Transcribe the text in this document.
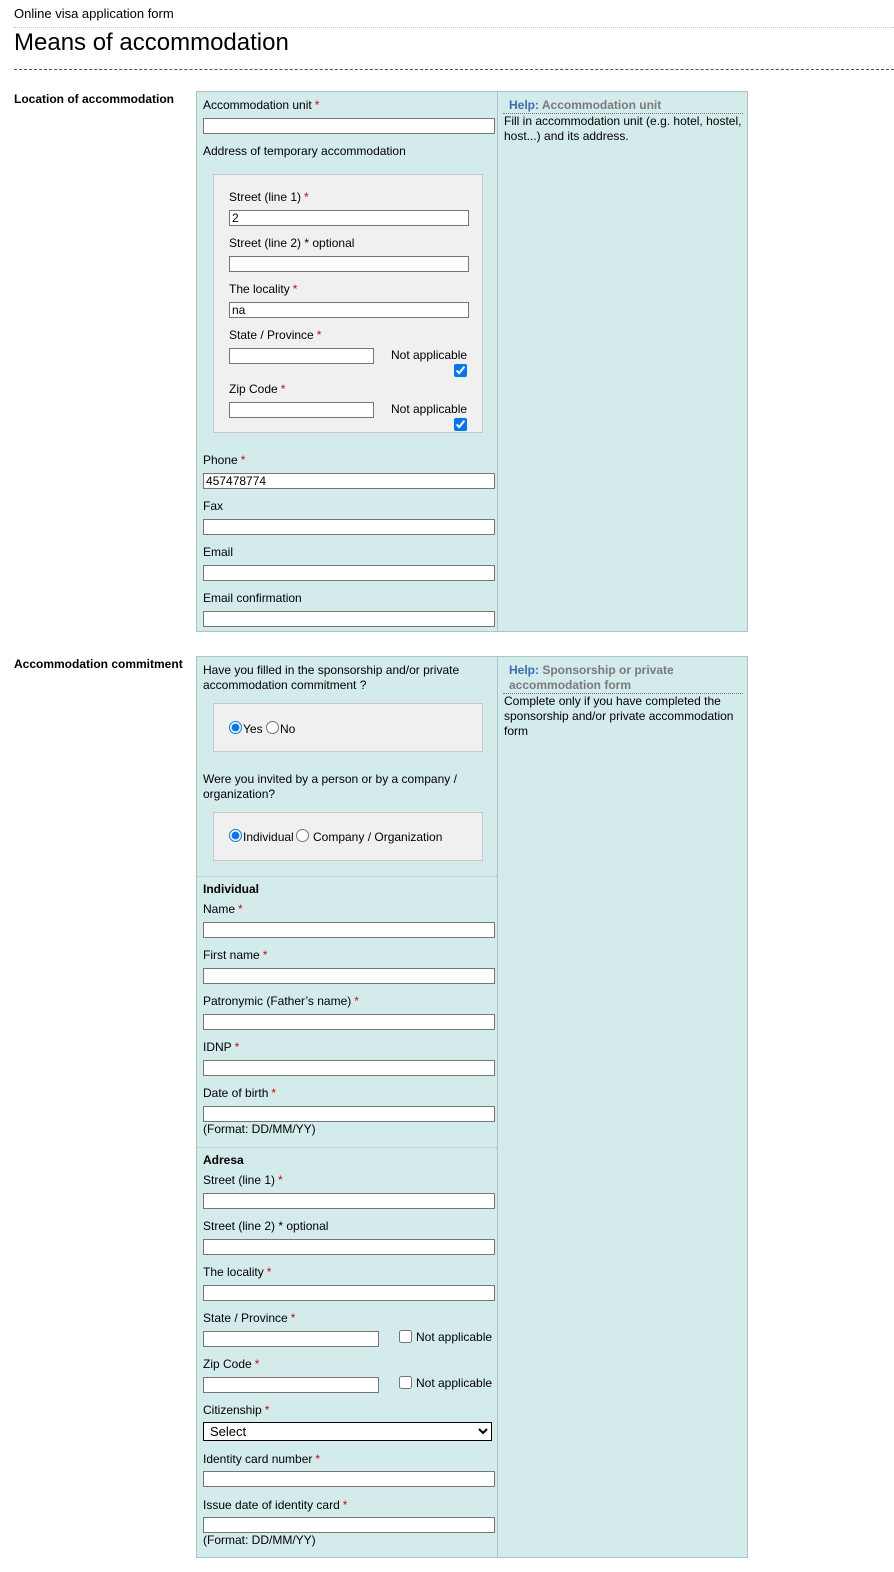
Online visa application form
Means of accommodation
Location of accommodation Accommodation unit *
Address of temporary accommodation
Street (line 1) *
2
Street (line 2) * optional
The locality *
na
State / Province *
Not applicable
Zip Code *
Not applicable
Phone *
457478774
Fax
Email
Email confirmation
Help: Accommodation unit
Fill in accommodation unit (e.g. hotel, hostel, host...) and its address.
Accommodation commitment Have you filled in the sponsorship and/or private accommodation commitment ?
Yes No
Were you invited by a person or by a company / organization?
Individual Company / Organization
Individual
Name *
First name *
Patronymic (Father’s name) *
IDNP *
Date of birth *
(Format: DD/MM/YY)
Adresa
Street (line 1) *
Street (line 2) * optional
The locality *
State / Province *
Not applicable
Zip Code *
Not applicable
Citizenship *
Select
Identity card number *
Issue date of identity card *
(Format: DD/MM/YY)
Help: Sponsorship or private accommodation form
Complete only if you have completed the sponsorship and/or private accommodation form
